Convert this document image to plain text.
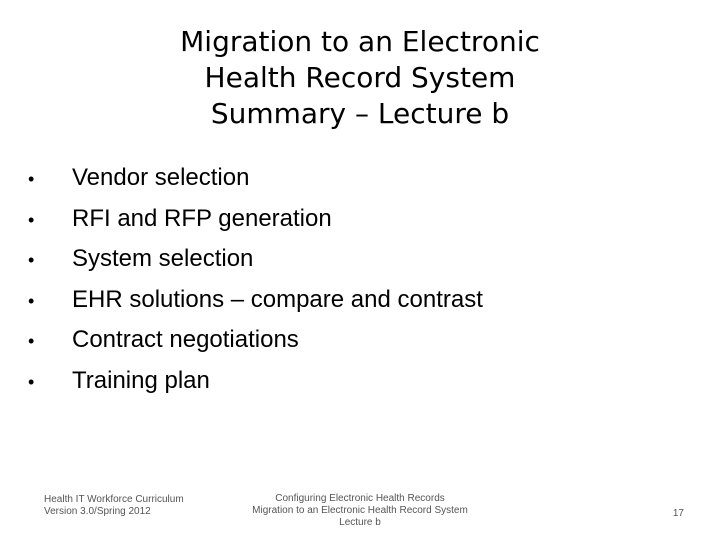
Migration to an Electronic
Health Record System
Summary – Lecture b
•	Vendor selection
•	RFI and RFP generation
•	System selection
•	EHR solutions – compare and contrast
•	Contract negotiations
•	Training plan
Health IT Workforce Curriculum
Version 3.0/Spring 2012
Configuring Electronic Health Records
Migration to an Electronic Health Record System
Lecture b
17
